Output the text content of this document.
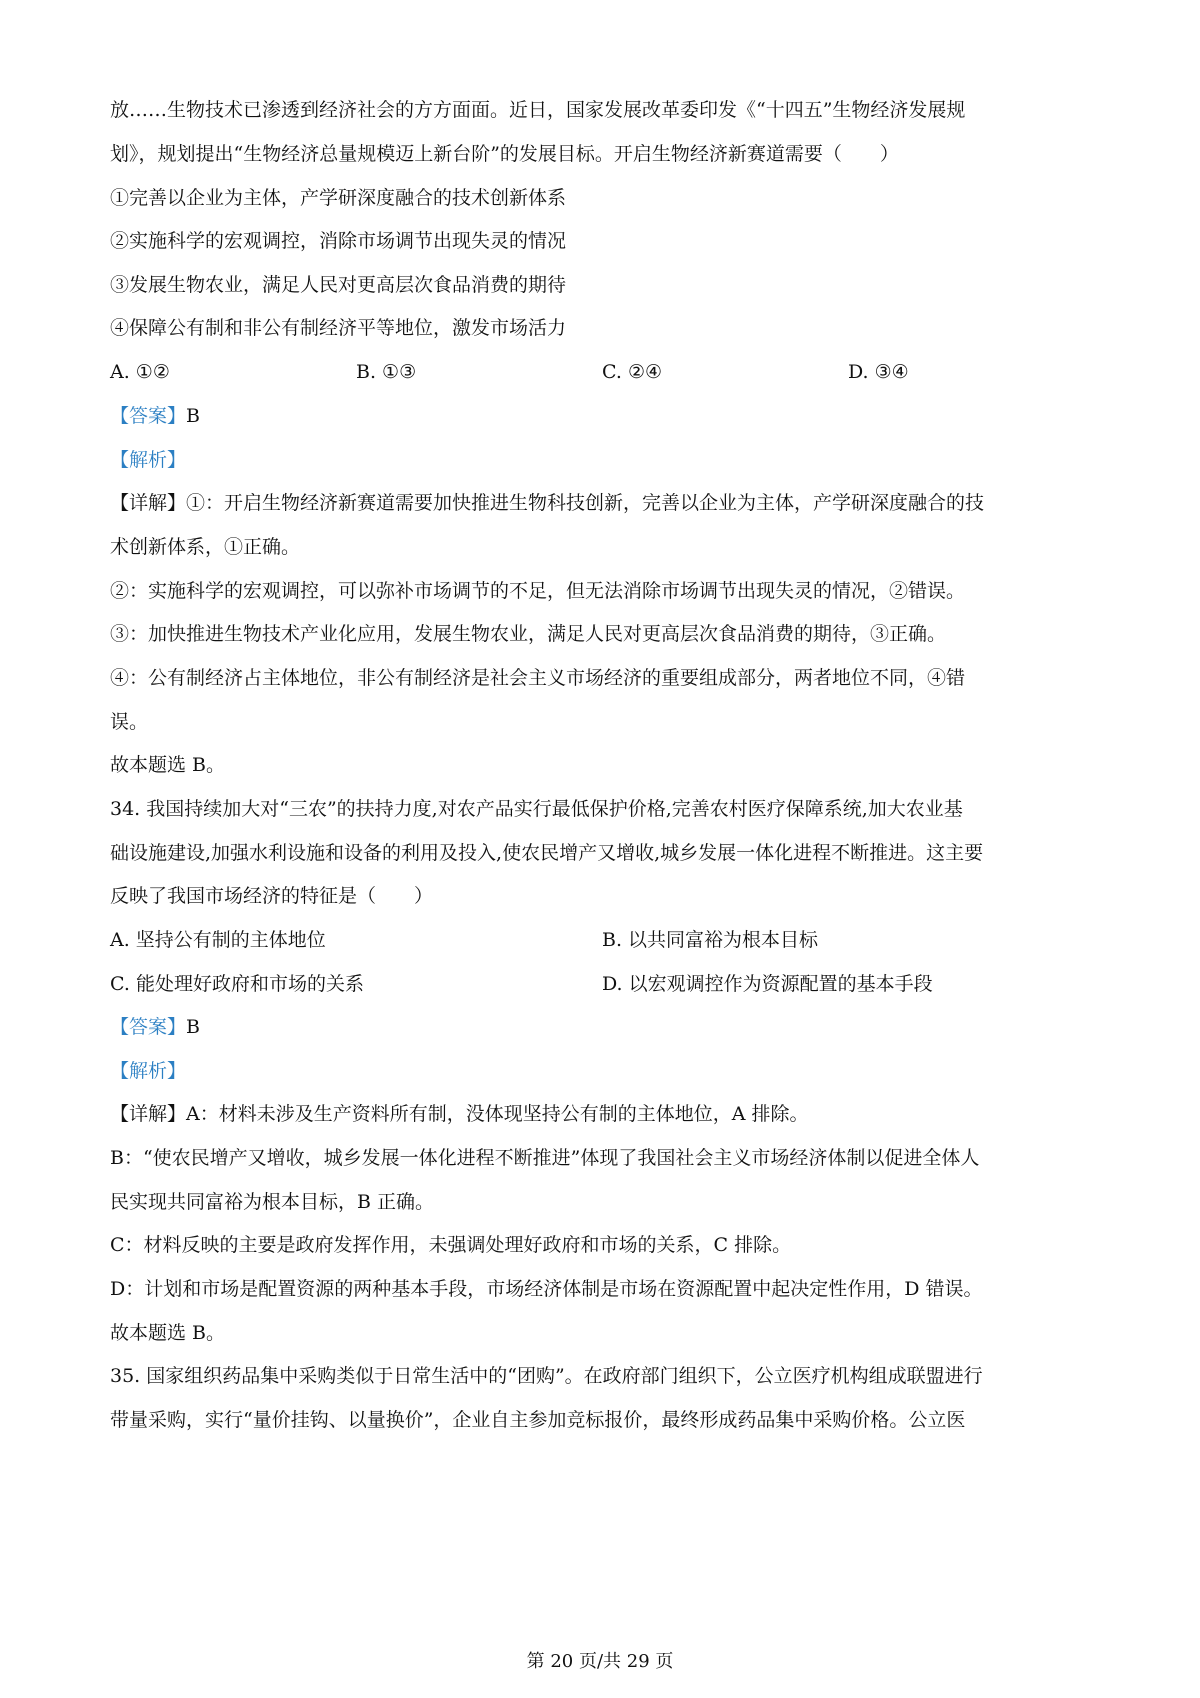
放……生物技术已渗透到经济社会的方方面面。近日，国家发展改革委印发《“十四五”生物经济发展规
划》，规划提出“生物经济总量规模迈上新台阶”的发展目标。开启生物经济新赛道需要（　　）
①完善以企业为主体，产学研深度融合的技术创新体系
②实施科学的宏观调控，消除市场调节出现失灵的情况
③发展生物农业，满足人民对更高层次食品消费的期待
④保障公有制和非公有制经济平等地位，激发市场活力
A. ①②	B. ①③	C. ②④	D. ③④
【答案】B
【解析】
【详解】①：开启生物经济新赛道需要加快推进生物科技创新，完善以企业为主体，产学研深度融合的技
术创新体系，①正确。
②：实施科学的宏观调控，可以弥补市场调节的不足，但无法消除市场调节出现失灵的情况，②错误。
③：加快推进生物技术产业化应用，发展生物农业，满足人民对更高层次食品消费的期待，③正确。
④：公有制经济占主体地位，非公有制经济是社会主义市场经济的重要组成部分，两者地位不同，④错
误。
故本题选 B。
34. 我国持续加大对“三农”的扶持力度,对农产品实行最低保护价格,完善农村医疗保障系统,加大农业基
础设施建设,加强水利设施和设备的利用及投入,使农民增产又增收,城乡发展一体化进程不断推进。这主要
反映了我国市场经济的特征是（　　）
A. 坚持公有制的主体地位	B. 以共同富裕为根本目标
C. 能处理好政府和市场的关系	D. 以宏观调控作为资源配置的基本手段
【答案】B
【解析】
【详解】A：材料未涉及生产资料所有制，没体现坚持公有制的主体地位，A 排除。
B：“使农民增产又增收，城乡发展一体化进程不断推进”体现了我国社会主义市场经济体制以促进全体人
民实现共同富裕为根本目标，B 正确。
C：材料反映的主要是政府发挥作用，未强调处理好政府和市场的关系，C 排除。
D：计划和市场是配置资源的两种基本手段，市场经济体制是市场在资源配置中起决定性作用，D 错误。
故本题选 B。
35. 国家组织药品集中采购类似于日常生活中的“团购”。在政府部门组织下，公立医疗机构组成联盟进行
带量采购，实行“量价挂钩、以量换价”，企业自主参加竞标报价，最终形成药品集中采购价格。公立医
第 20 页/共 29 页
